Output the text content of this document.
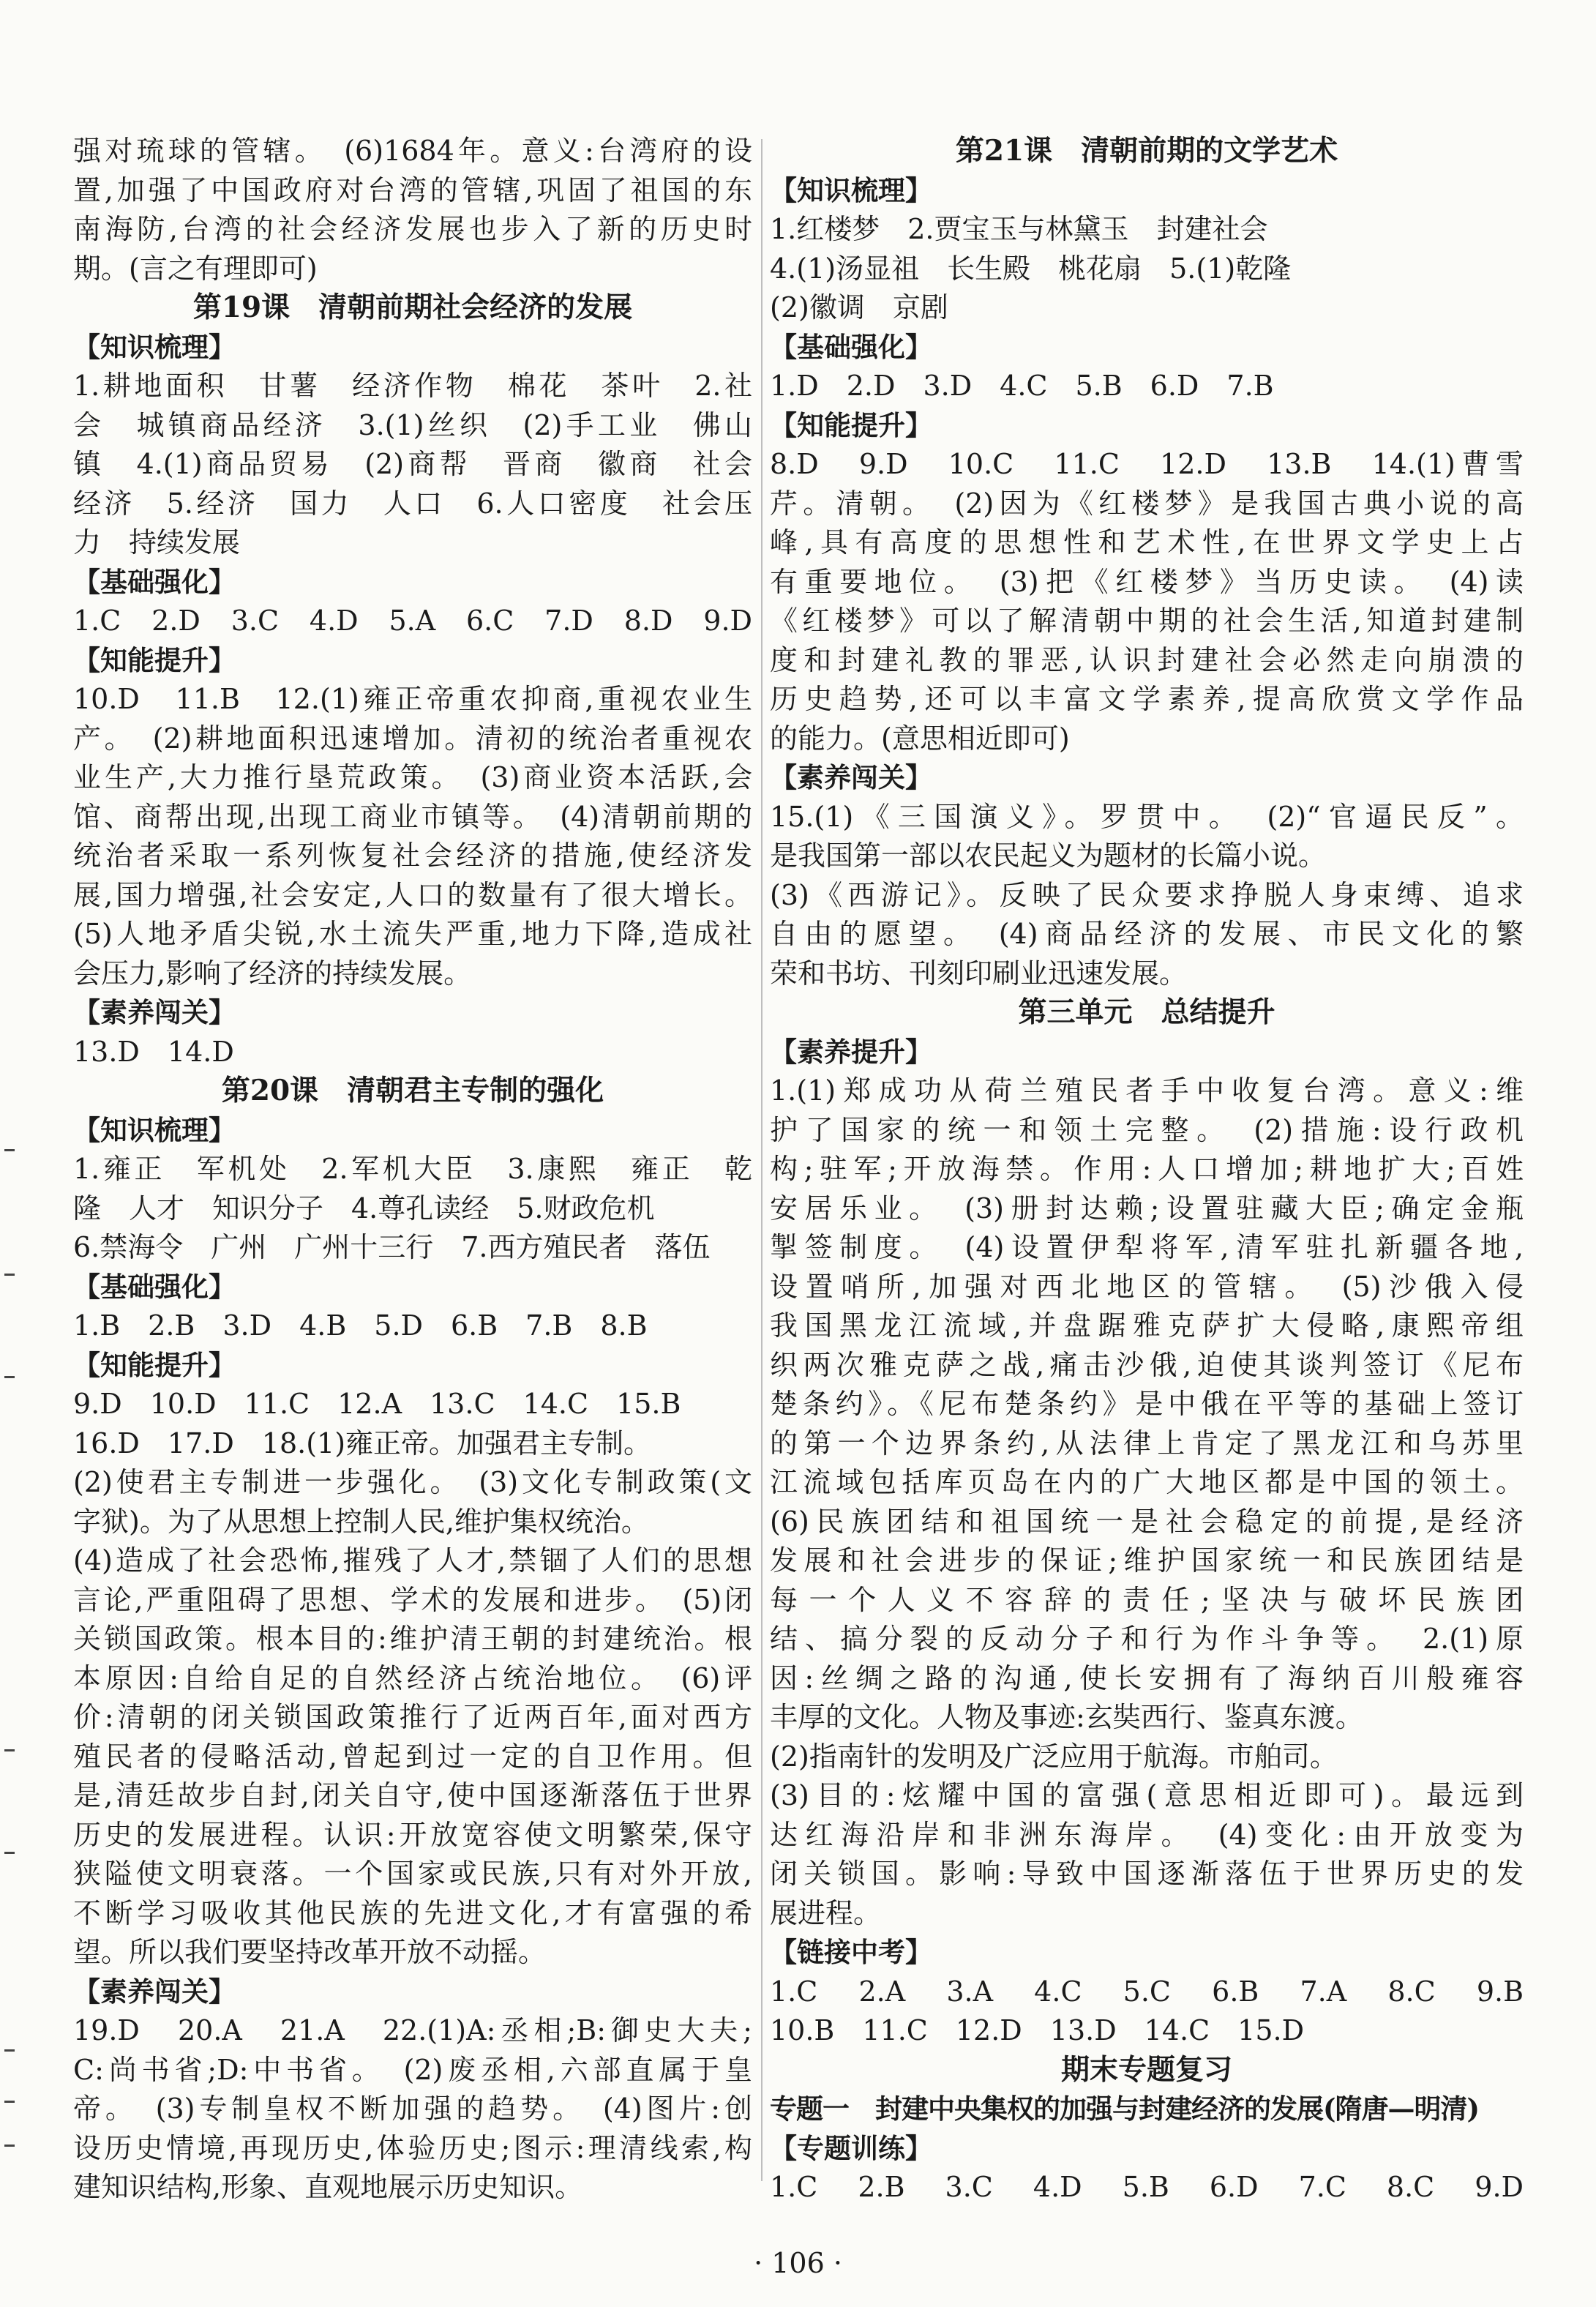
强对琉球的管辖。　(6)1684年。意义:台湾府的设
置,加强了中国政府对台湾的管辖,巩固了祖国的东
南海防,台湾的社会经济发展也步入了新的历史时
期。(言之有理即可)
第19课　清朝前期社会经济的发展
【知识梳理】
1.耕地面积　甘薯　经济作物　棉花　茶叶　2.社
会　城镇商品经济　3.(1)丝织　(2)手工业　佛山
镇　4.(1)商品贸易　(2)商帮　晋商　徽商　社会
经济　5.经济　国力　人口　6.人口密度　社会压
力　持续发展
【基础强化】
1.C　2.D　3.C　4.D　5.A　6.C　7.D　8.D　9.D
【知能提升】
10.D　11.B　12.(1)雍正帝重农抑商,重视农业生
产。　(2)耕地面积迅速增加。清初的统治者重视农
业生产,大力推行垦荒政策。　(3)商业资本活跃,会
馆、商帮出现,出现工商业市镇等。　(4)清朝前期的
统治者采取一系列恢复社会经济的措施,使经济发
展,国力增强,社会安定,人口的数量有了很大增长。
(5)人地矛盾尖锐,水土流失严重,地力下降,造成社
会压力,影响了经济的持续发展。
【素养闯关】
13.D　14.D
第20课　清朝君主专制的强化
【知识梳理】
1.雍正　军机处　2.军机大臣　3.康熙　雍正　乾
隆　人才　知识分子　4.尊孔读经　5.财政危机
6.禁海令　广州　广州十三行　7.西方殖民者　落伍
【基础强化】
1.B　2.B　3.D　4.B　5.D　6.B　7.B　8.B
【知能提升】
9.D　10.D　11.C　12.A　13.C　14.C　15.B
16.D　17.D　18.(1)雍正帝。加强君主专制。
(2)使君主专制进一步强化。　(3)文化专制政策(文
字狱)。为了从思想上控制人民,维护集权统治。
(4)造成了社会恐怖,摧残了人才,禁锢了人们的思想
言论,严重阻碍了思想、学术的发展和进步。　(5)闭
关锁国政策。根本目的:维护清王朝的封建统治。根
本原因:自给自足的自然经济占统治地位。　(6)评
价:清朝的闭关锁国政策推行了近两百年,面对西方
殖民者的侵略活动,曾起到过一定的自卫作用。但
是,清廷故步自封,闭关自守,使中国逐渐落伍于世界
历史的发展进程。认识:开放宽容使文明繁荣,保守
狭隘使文明衰落。一个国家或民族,只有对外开放,
不断学习吸收其他民族的先进文化,才有富强的希
望。所以我们要坚持改革开放不动摇。
【素养闯关】
19.D　20.A　21.A　22.(1)A:丞相;B:御史大夫;
C:尚书省;D:中书省。　(2)废丞相,六部直属于皇
帝。　(3)专制皇权不断加强的趋势。　(4)图片:创
设历史情境,再现历史,体验历史;图示:理清线索,构
建知识结构,形象、直观地展示历史知识。
第21课　清朝前期的文学艺术
【知识梳理】
1.红楼梦　2.贾宝玉与林黛玉　封建社会
4.(1)汤显祖　长生殿　桃花扇　5.(1)乾隆
(2)徽调　京剧
【基础强化】
1.D　2.D　3.D　4.C　5.B　6.D　7.B
【知能提升】
8.D　9.D　10.C　11.C　12.D　13.B　14.(1)曹雪
芹。清朝。　(2)因为《红楼梦》是我国古典小说的高
峰,具有高度的思想性和艺术性,在世界文学史上占
有重要地位。　(3)把《红楼梦》当历史读。　(4)读
《红楼梦》可以了解清朝中期的社会生活,知道封建制
度和封建礼教的罪恶,认识封建社会必然走向崩溃的
历史趋势,还可以丰富文学素养,提高欣赏文学作品
的能力。(意思相近即可)
【素养闯关】
15.(1)《三国演义》。罗贯中。　(2)“官逼民反”。
是我国第一部以农民起义为题材的长篇小说。
(3)《西游记》。反映了民众要求挣脱人身束缚、追求
自由的愿望。　(4)商品经济的发展、市民文化的繁
荣和书坊、刊刻印刷业迅速发展。
第三单元　总结提升
【素养提升】
1.(1)郑成功从荷兰殖民者手中收复台湾。意义:维
护了国家的统一和领土完整。　(2)措施:设行政机
构;驻军;开放海禁。作用:人口增加;耕地扩大;百姓
安居乐业。　(3)册封达赖;设置驻藏大臣;确定金瓶
掣签制度。　(4)设置伊犁将军,清军驻扎新疆各地,
设置哨所,加强对西北地区的管辖。　(5)沙俄入侵
我国黑龙江流域,并盘踞雅克萨扩大侵略,康熙帝组
织两次雅克萨之战,痛击沙俄,迫使其谈判签订《尼布
楚条约》。《尼布楚条约》是中俄在平等的基础上签订
的第一个边界条约,从法律上肯定了黑龙江和乌苏里
江流域包括库页岛在内的广大地区都是中国的领土。
(6)民族团结和祖国统一是社会稳定的前提,是经济
发展和社会进步的保证;维护国家统一和民族团结是
每一个人义不容辞的责任;坚决与破坏民族团
结、搞分裂的反动分子和行为作斗争等。　2.(1)原
因:丝绸之路的沟通,使长安拥有了海纳百川般雍容
丰厚的文化。人物及事迹:玄奘西行、鉴真东渡。
(2)指南针的发明及广泛应用于航海。市舶司。
(3)目的:炫耀中国的富强(意思相近即可)。最远到
达红海沿岸和非洲东海岸。　(4)变化:由开放变为
闭关锁国。影响:导致中国逐渐落伍于世界历史的发
展进程。
【链接中考】
1.C　2.A　3.A　4.C　5.C　6.B　7.A　8.C　9.B
10.B　11.C　12.D　13.D　14.C　15.D
期末专题复习
专题一　封建中央集权的加强与封建经济的发展(隋唐—明清)
【专题训练】
1.C　2.B　3.C　4.D　5.B　6.D　7.C　8.C　9.D
· 106 ·
